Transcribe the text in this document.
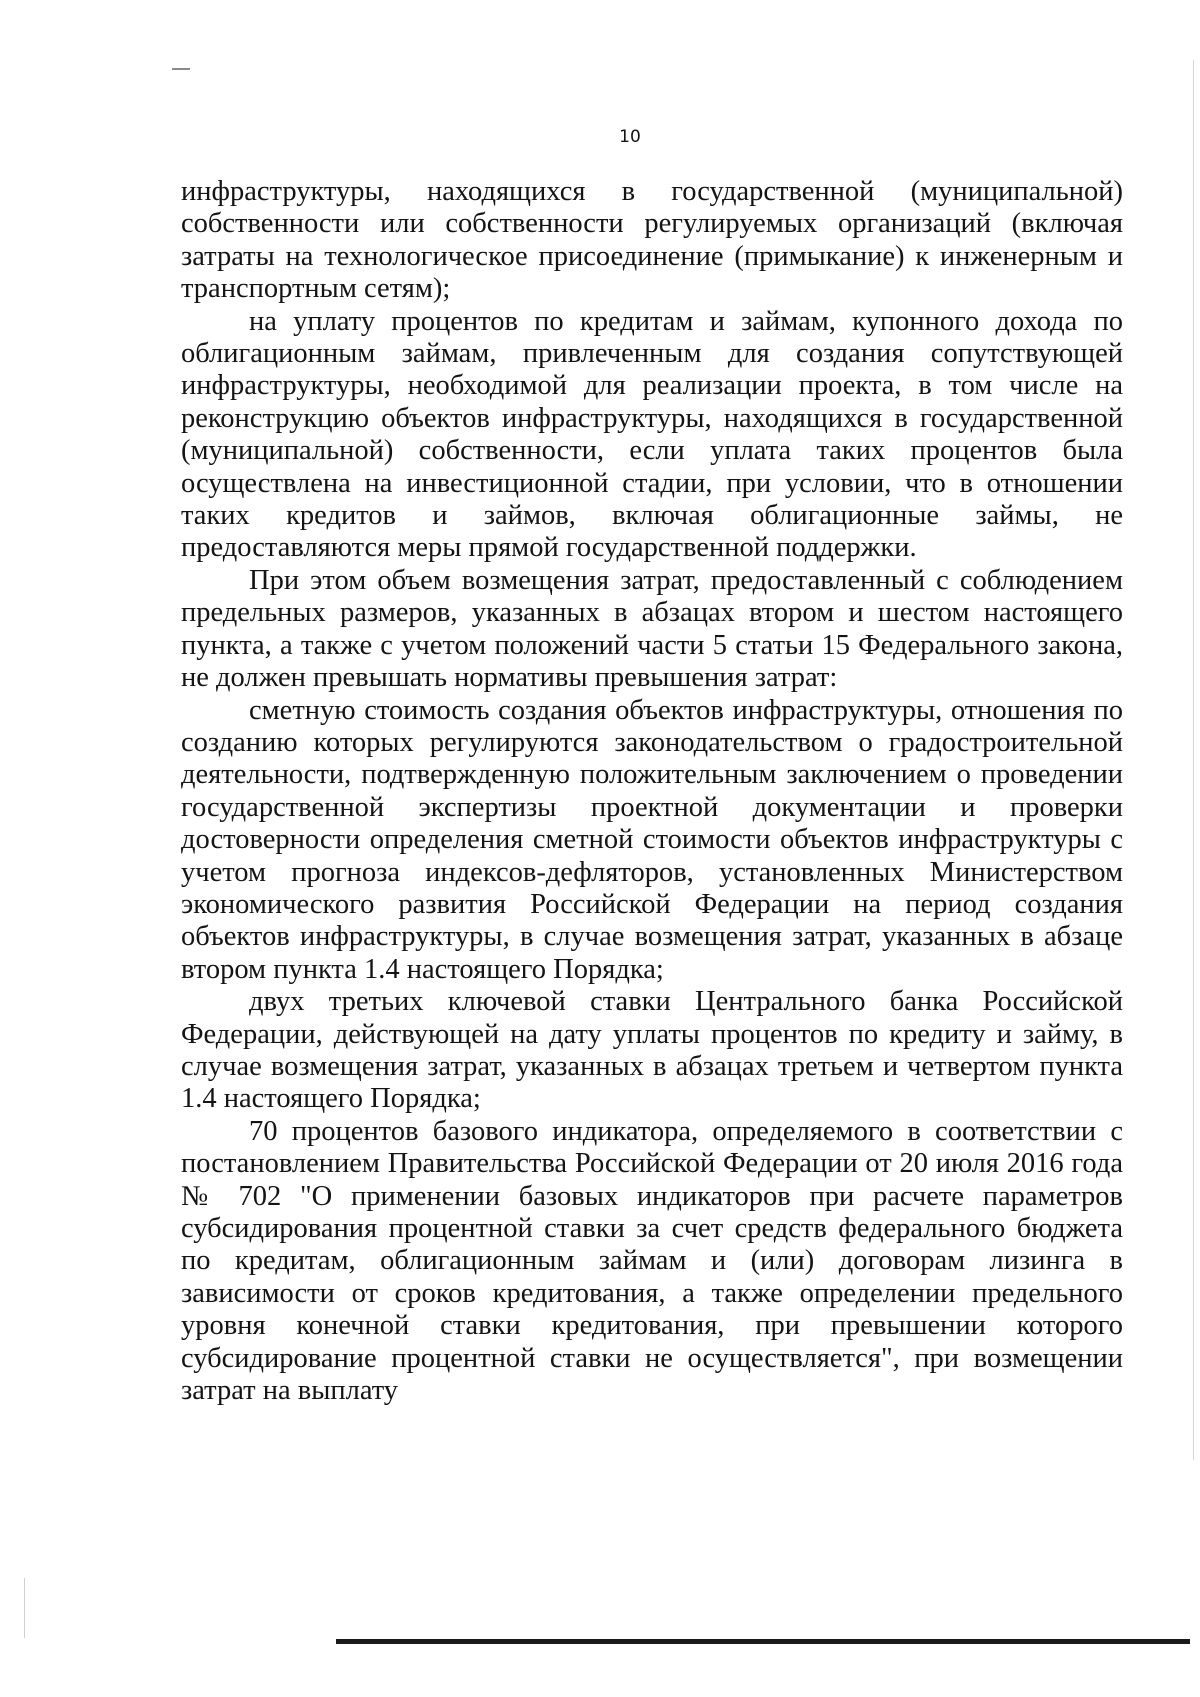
10

инфраструктуры, находящихся в государственной (муниципальной) собственности или собственности регулируемых организаций (включая затраты на технологическое присоединение (примыкание) к инженерным и транспортным сетям);

на уплату процентов по кредитам и займам, купонного дохода по облигационным займам, привлеченным для создания сопутствующей инфраструктуры, необходимой для реализации проекта, в том числе на реконструкцию объектов инфраструктуры, находящихся в государственной (муниципальной) собственности, если уплата таких процентов была осуществлена на инвестиционной стадии, при условии, что в отношении таких кредитов и займов, включая облигационные займы, не предоставляются меры прямой государственной поддержки.

При этом объем возмещения затрат, предоставленный с соблюдением предельных размеров, указанных в абзацах втором и шестом настоящего пункта, а также с учетом положений части 5 статьи 15 Федерального закона, не должен превышать нормативы превышения затрат:

сметную стоимость создания объектов инфраструктуры, отношения по созданию которых регулируются законодательством о градостроительной деятельности, подтвержденную положительным заключением о проведении государственной экспертизы проектной документации и проверки достоверности определения сметной стоимости объектов инфраструктуры с учетом прогноза индексов-дефляторов, установленных Министерством экономического развития Российской Федерации на период создания объектов инфраструктуры, в случае возмещения затрат, указанных в абзаце втором пункта 1.4 настоящего Порядка;

двух третьих ключевой ставки Центрального банка Российской Федерации, действующей на дату уплаты процентов по кредиту и займу, в случае возмещения затрат, указанных в абзацах третьем и четвертом пункта 1.4 настоящего Порядка;

70 процентов базового индикатора, определяемого в соответствии с постановлением Правительства Российской Федерации от 20 июля 2016 года № 702 "О применении базовых индикаторов при расчете параметров субсидирования процентной ставки за счет средств федерального бюджета по кредитам, облигационным займам и (или) договорам лизинга в зависимости от сроков кредитования, а также определении предельного уровня конечной ставки кредитования, при превышении которого субсидирование процентной ставки не осуществляется", при возмещении затрат на выплату
